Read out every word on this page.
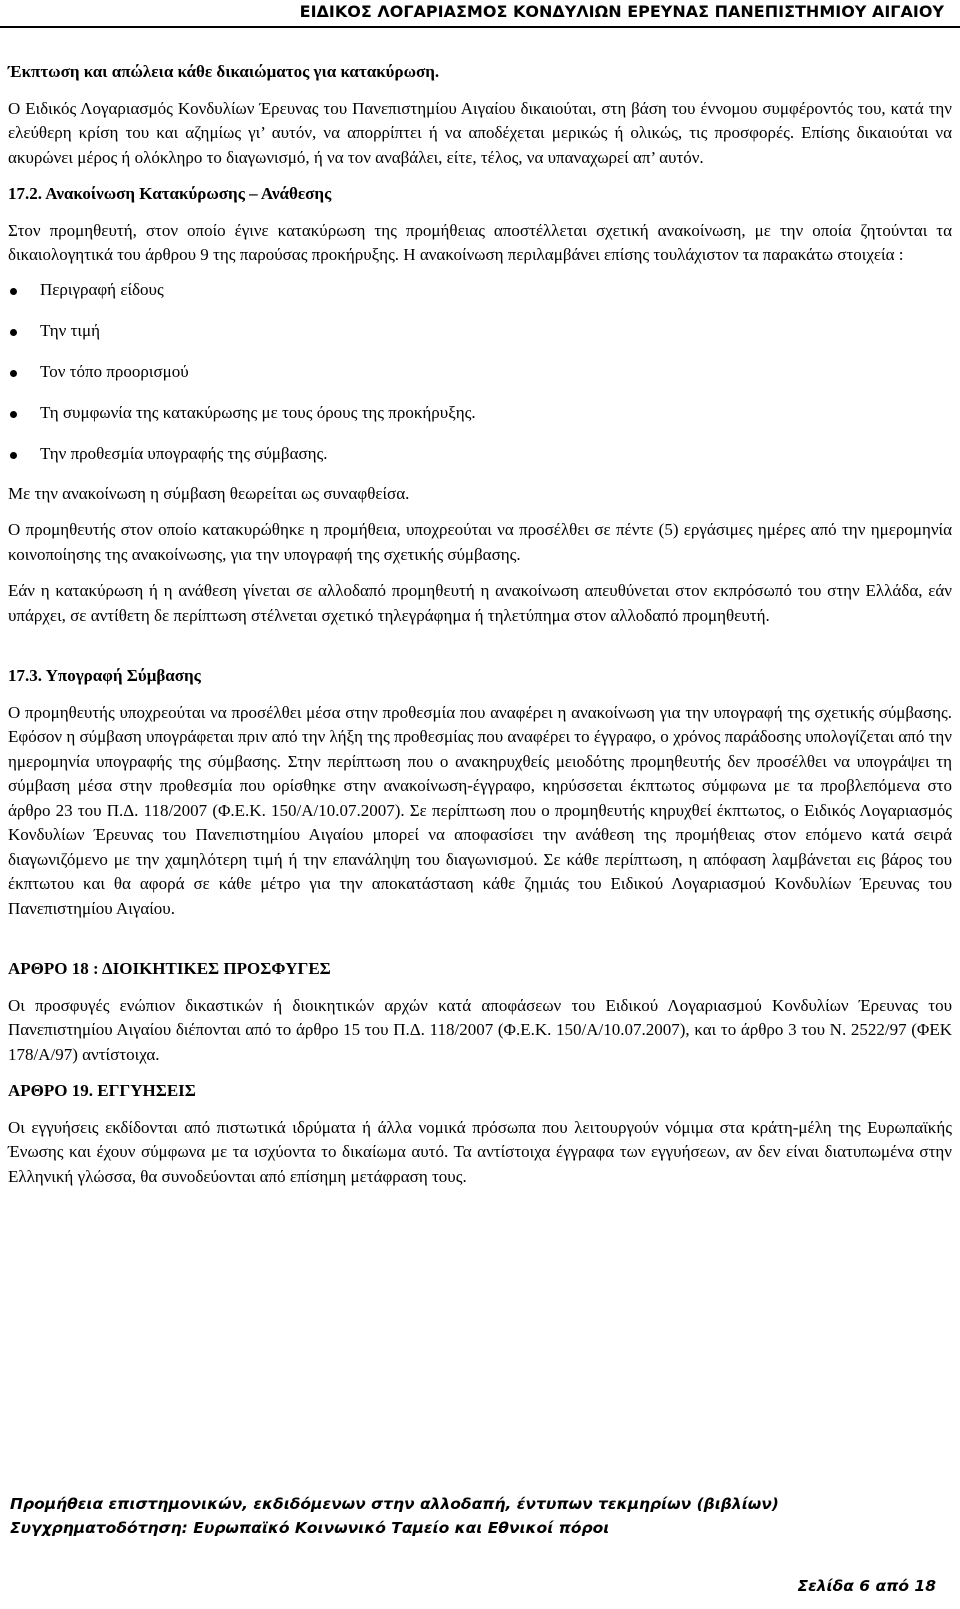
ΕΙΔΙΚΟΣ ΛΟΓΑΡΙΑΣΜΟΣ ΚΟΝΔΥΛΙΩΝ ΕΡΕΥΝΑΣ ΠΑΝΕΠΙΣΤΗΜΙΟΥ ΑΙΓΑΙΟΥ

Έκπτωση και απώλεια κάθε δικαιώματος για κατακύρωση.

Ο Ειδικός Λογαριασμός Κονδυλίων Έρευνας του Πανεπιστημίου Αιγαίου δικαιούται, στη βάση του έννομου συμφέροντός του, κατά την ελεύθερη κρίση του και αζημίως γι’ αυτόν, να απορρίπτει ή να αποδέχεται μερικώς ή ολικώς, τις προσφορές. Επίσης δικαιούται να ακυρώνει μέρος ή ολόκληρο το διαγωνισμό, ή να τον αναβάλει, είτε, τέλος, να υπαναχωρεί απ’ αυτόν.

17.2. Ανακοίνωση Κατακύρωσης – Ανάθεσης

Στον προμηθευτή, στον οποίο έγινε κατακύρωση της προμήθειας αποστέλλεται σχετική ανακοίνωση, με την οποία ζητούνται τα δικαιολογητικά του άρθρου 9 της παρούσας προκήρυξης. Η ανακοίνωση περιλαμβάνει επίσης τουλάχιστον τα παρακάτω στοιχεία :

Περιγραφή είδους
Την τιμή
Τον τόπο προορισμού
Τη συμφωνία της κατακύρωσης με τους όρους της προκήρυξης.
Την προθεσμία υπογραφής της σύμβασης.

Με την ανακοίνωση η σύμβαση θεωρείται ως συναφθείσα.

Ο προμηθευτής στον οποίο κατακυρώθηκε η προμήθεια, υποχρεούται να προσέλθει σε πέντε (5) εργάσιμες ημέρες από την ημερομηνία κοινοποίησης της ανακοίνωσης, για την υπογραφή της σχετικής σύμβασης.

Εάν η κατακύρωση ή η ανάθεση γίνεται σε αλλοδαπό προμηθευτή η ανακοίνωση απευθύνεται στον εκπρόσωπό του στην Ελλάδα, εάν υπάρχει, σε αντίθετη δε περίπτωση στέλνεται σχετικό τηλεγράφημα ή τηλετύπημα στον αλλοδαπό προμηθευτή.

17.3. Υπογραφή Σύμβασης

Ο προμηθευτής υποχρεούται να προσέλθει μέσα στην προθεσμία που αναφέρει η ανακοίνωση για την υπογραφή της σχετικής σύμβασης. Εφόσον η σύμβαση υπογράφεται πριν από την λήξη της προθεσμίας που αναφέρει το έγγραφο, ο χρόνος παράδοσης υπολογίζεται από την ημερομηνία υπογραφής της σύμβασης. Στην περίπτωση που ο ανακηρυχθείς μειοδότης προμηθευτής δεν προσέλθει να υπογράψει τη σύμβαση μέσα στην προθεσμία που ορίσθηκε στην ανακοίνωση-έγγραφο, κηρύσσεται έκπτωτος σύμφωνα με τα προβλεπόμενα στο άρθρο 23 του Π.Δ. 118/2007 (Φ.Ε.Κ. 150/Α/10.07.2007). Σε περίπτωση που ο προμηθευτής κηρυχθεί έκπτωτος, ο Ειδικός Λογαριασμός Κονδυλίων Έρευνας του Πανεπιστημίου Αιγαίου μπορεί να αποφασίσει την ανάθεση της προμήθειας στον επόμενο κατά σειρά διαγωνιζόμενο με την χαμηλότερη τιμή ή την επανάληψη του διαγωνισμού. Σε κάθε περίπτωση, η απόφαση λαμβάνεται εις βάρος του έκπτωτου και θα αφορά σε κάθε μέτρο για την αποκατάσταση κάθε ζημιάς του Ειδικού Λογαριασμού Κονδυλίων Έρευνας του Πανεπιστημίου Αιγαίου.

ΑΡΘΡΟ 18 : ΔΙΟΙΚΗΤΙΚΕΣ ΠΡΟΣΦΥΓΕΣ

Οι προσφυγές ενώπιον δικαστικών ή διοικητικών αρχών κατά αποφάσεων του Ειδικού Λογαριασμού Κονδυλίων Έρευνας του Πανεπιστημίου Αιγαίου διέπονται από το άρθρο 15 του Π.Δ. 118/2007 (Φ.Ε.Κ. 150/Α/10.07.2007), και το άρθρο 3 του Ν. 2522/97 (ΦΕΚ 178/Α/97) αντίστοιχα.

ΑΡΘΡΟ 19. ΕΓΓΥΗΣΕΙΣ

Οι εγγυήσεις εκδίδονται από πιστωτικά ιδρύματα ή άλλα νομικά πρόσωπα που λειτουργούν νόμιμα στα κράτη-μέλη της Ευρωπαϊκής Ένωσης και έχουν σύμφωνα με τα ισχύοντα το δικαίωμα αυτό. Τα αντίστοιχα έγγραφα των εγγυήσεων, αν δεν είναι διατυπωμένα στην Ελληνική γλώσσα, θα συνοδεύονται από επίσημη μετάφραση τους.

Προμήθεια επιστημονικών, εκδιδόμενων στην αλλοδαπή, έντυπων τεκμηρίων (βιβλίων)
Συγχρηματοδότηση: Ευρωπαϊκό Κοινωνικό Ταμείο και Εθνικοί πόροι
Σελίδα 6 από 18
